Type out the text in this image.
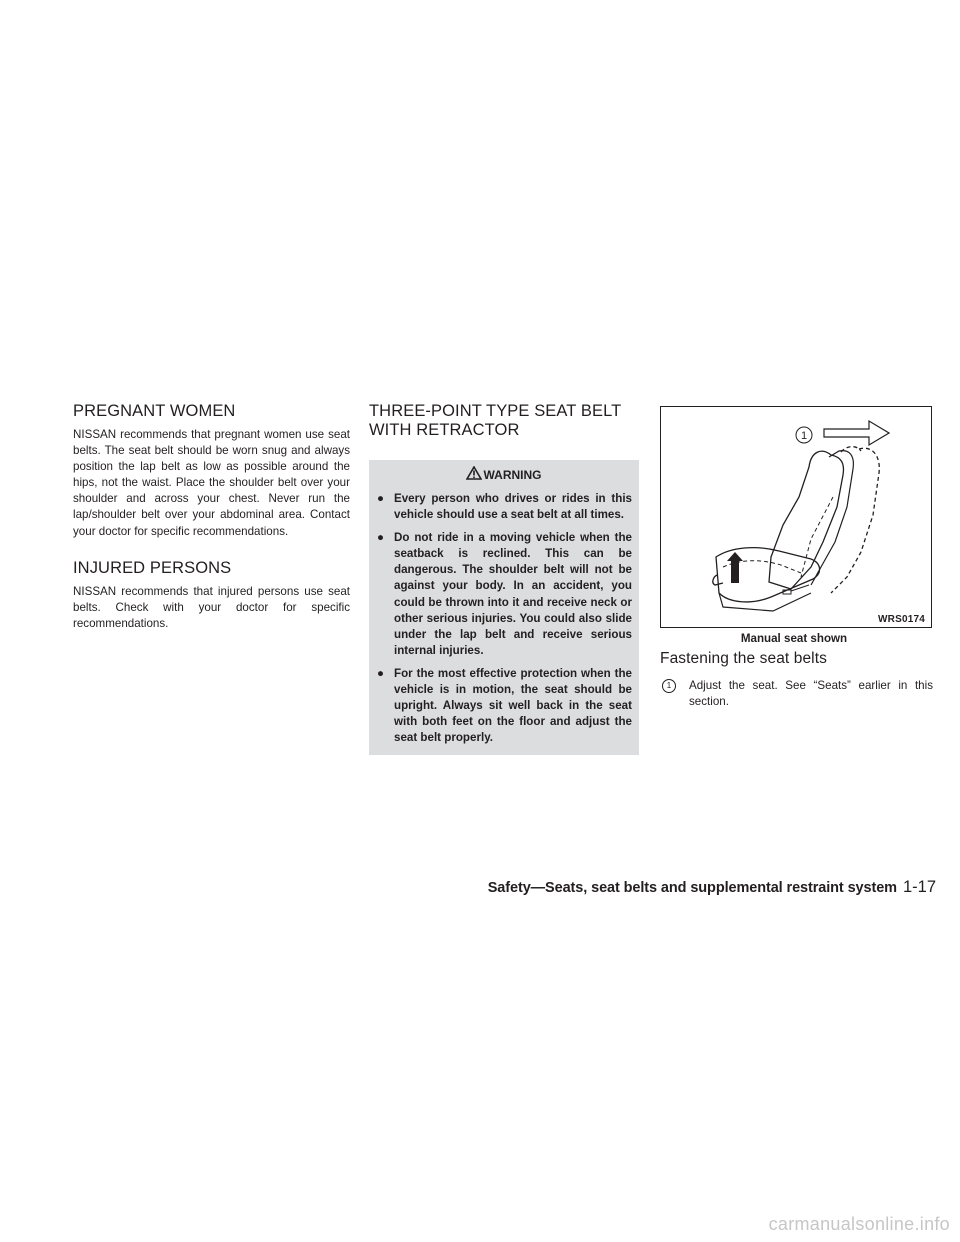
PREGNANT WOMEN

NISSAN recommends that pregnant women use seat belts. The seat belt should be worn snug and always position the lap belt as low as possible around the hips, not the waist. Place the shoulder belt over your shoulder and across your chest. Never run the lap/shoulder belt over your abdominal area. Contact your doctor for specific recommendations.

INJURED PERSONS

NISSAN recommends that injured persons use seat belts. Check with your doctor for specific recommendations.

THREE-POINT TYPE SEAT BELT WITH RETRACTOR
WARNING
● Every person who drives or rides in this vehicle should use a seat belt at all times.
● Do not ride in a moving vehicle when the seatback is reclined. This can be dangerous. The shoulder belt will not be against your body. In an accident, you could be thrown into it and receive neck or other serious injuries. You could also slide under the lap belt and receive serious internal injuries.
● For the most effective protection when the vehicle is in motion, the seat should be upright. Always sit well back in the seat with both feet on the floor and adjust the seat belt properly.
1
WRS0174
Manual seat shown
Fastening the seat belts
1	Adjust the seat. See “Seats” earlier in this section.
Safety—Seats, seat belts and supplemental restraint system 1-17
carmanualsonline.info
